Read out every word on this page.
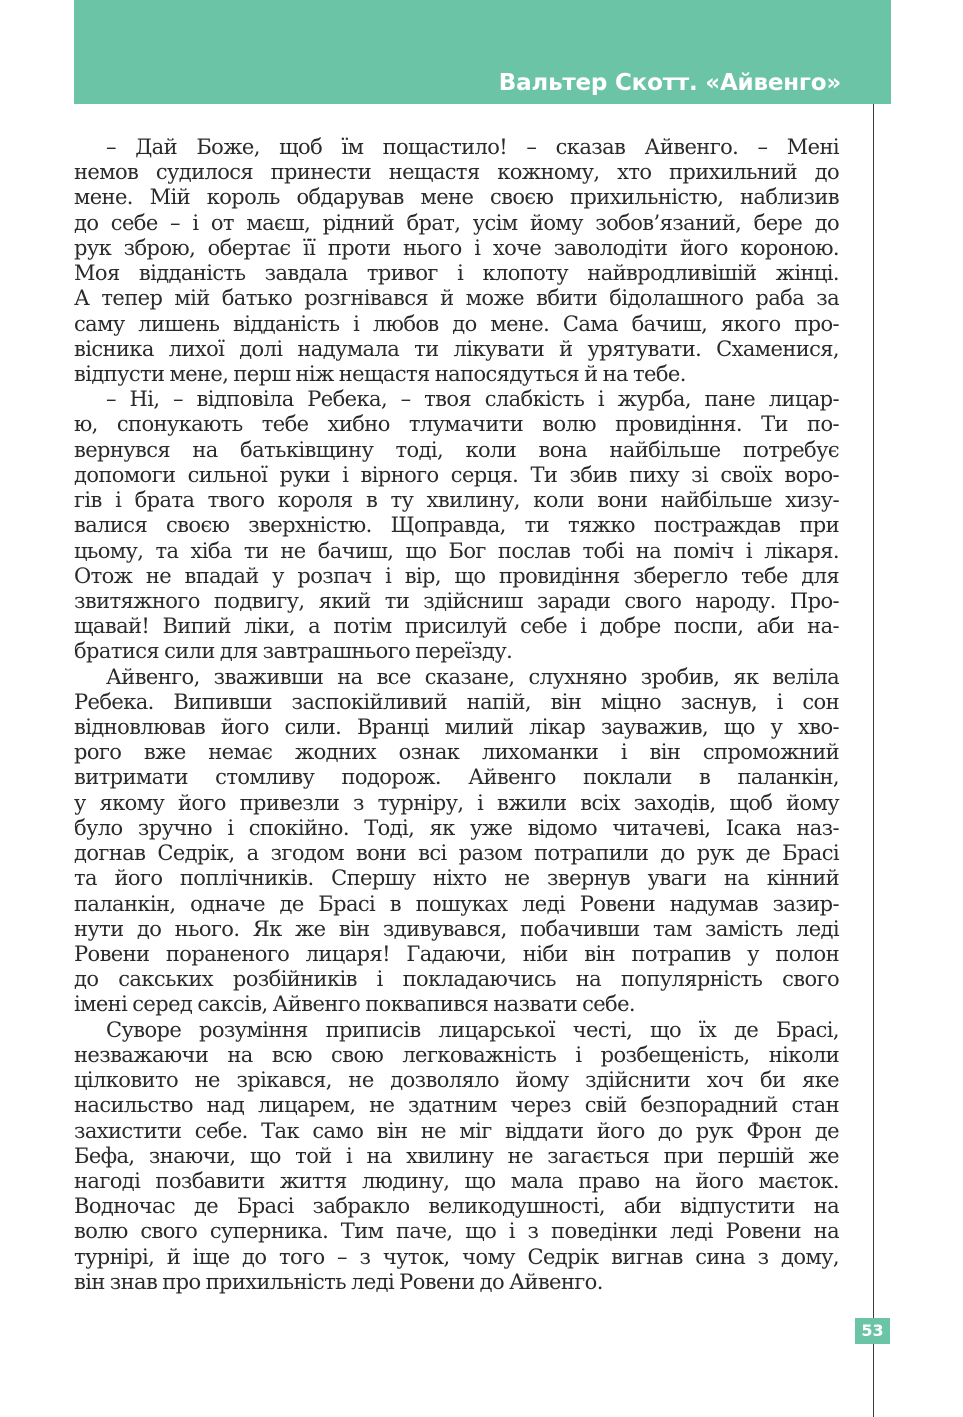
Вальтер Скотт. «Айвенго»
– Дай Боже, щоб їм пощастило! – сказав Айвенго. – Мені
немов судилося принести нещастя кожному, хто прихильний до
мене. Мій король обдарував мене своєю прихильністю, наблизив
до себе – і от маєш, рідний брат, усім йому зобов’язаний, бере до
рук зброю, обертає її проти нього і хоче заволодіти його короною.
Моя відданість завдала тривог і клопоту найвродливішій жінці.
А тепер мій батько розгнівався й може вбити бідолашного раба за
саму лишень відданість і любов до мене. Сама бачиш, якого про-
вісника лихої долі надумала ти лікувати й урятувати. Схаменися,
відпусти мене, перш ніж нещастя напосядуться й на тебе.
– Ні, – відповіла Ребека, – твоя слабкість і журба, пане лицар-
ю, спонукають тебе хибно тлумачити волю провидіння. Ти по-
вернувся на батьківщину тоді, коли вона найбільше потребує
допомоги сильної руки і вірного серця. Ти збив пиху зі своїх воро-
гів і брата твого короля в ту хвилину, коли вони найбільше хизу-
валися своєю зверхністю. Щоправда, ти тяжко постраждав при
цьому, та хіба ти не бачиш, що Бог послав тобі на поміч і лікаря.
Отож не впадай у розпач і вір, що провидіння зберегло тебе для
звитяжного подвигу, який ти здійсниш заради свого народу. Про-
щавай! Випий ліки, а потім присилуй себе і добре поспи, аби на-
братися сили для завтрашнього переїзду.
Айвенго, зваживши на все сказане, слухняно зробив, як веліла
Ребека. Випивши заспокійливий напій, він міцно заснув, і сон
відновлював його сили. Вранці милий лікар зауважив, що у хво-
рого вже немає жодних ознак лихоманки і він спроможний
витримати стомливу подорож. Айвенго поклали в паланкін,
у якому його привезли з турніру, і вжили всіх заходів, щоб йому
було зручно і спокійно. Тоді, як уже відомо читачеві, Ісака наз-
догнав Седрік, а згодом вони всі разом потрапили до рук де Брасі
та його поплічників. Спершу ніхто не звернув уваги на кінний
паланкін, одначе де Брасі в пошуках леді Ровени надумав зазир-
нути до нього. Як же він здивувався, побачивши там замість леді
Ровени пораненого лицаря! Гадаючи, ніби він потрапив у полон
до сакських розбійників і покладаючись на популярність свого
імені серед саксів, Айвенго поквапився назвати себе.
Суворе розуміння приписів лицарської честі, що їх де Брасі,
незважаючи на всю свою легковажність і розбещеність, ніколи
цілковито не зрікався, не дозволяло йому здійснити хоч би яке
насильство над лицарем, не здатним через свій безпорадний стан
захистити себе. Так само він не міг віддати його до рук Фрон де
Бефа, знаючи, що той і на хвилину не загається при першій же
нагоді позбавити життя людину, що мала право на його маєток.
Водночас де Брасі забракло великодушності, аби відпустити на
волю свого суперника. Тим паче, що і з поведінки леді Ровени на
турнірі, й іще до того – з чуток, чому Седрік вигнав сина з дому,
він знав про прихильність леді Ровени до Айвенго.
53
